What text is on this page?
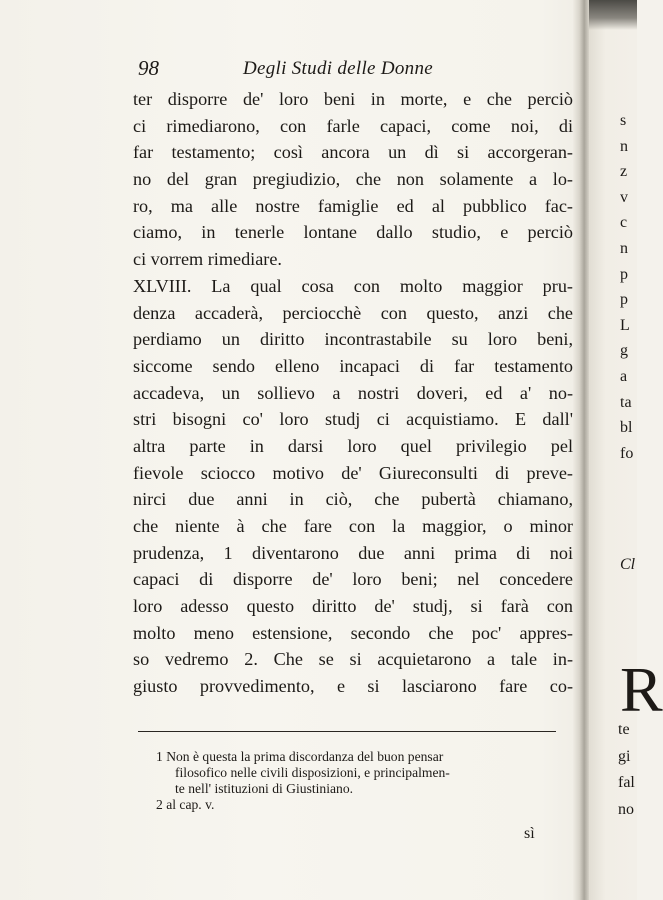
98	Degli Studi delle Donne
ter disporre de' loro beni in morte, e che perciò
ci rimediarono, con farle capaci, come noi, di
far testamento; così ancora un dì si accorgeran-
no del gran pregiudizio, che non solamente a lo-
ro, ma alle nostre famiglie ed al pubblico fac-
ciamo, in tenerle lontane dallo studio, e perciò
ci vorrem rimediare.
XLVIII. La qual cosa con molto maggior pru-
denza accaderà, perciocchè con questo, anzi che
perdiamo un diritto incontrastabile su loro beni,
siccome sendo elleno incapaci di far testamento
accadeva, un sollievo a nostri doveri, ed a' no-
stri bisogni co' loro studj ci acquistiamo. E dall'
altra parte in darsi loro quel privilegio pel
fievole sciocco motivo de' Giureconsulti di preve-
nirci due anni in ciò, che pubertà chiamano,
che niente à che fare con la maggior, o minor
prudenza, 1 diventarono due anni prima di noi
capaci di disporre de' loro beni; nel concedere
loro adesso questo diritto de' studj, si farà con
molto meno estensione, secondo che poc' appres-
so vedremo 2. Che se si acquietarono a tale in-
giusto provvedimento, e si lasciarono fare co-
1 Non è questa la prima discordanza del buon pensar
filosofico nelle civili disposizioni, e principalmen-
te nell' istituzioni di Giustiniano.
2 al cap. v.
sì
s
n
z
v
c
n
p
p
L
g
a
ta
bl
fo
Cl
R
te
gi
fal
no
